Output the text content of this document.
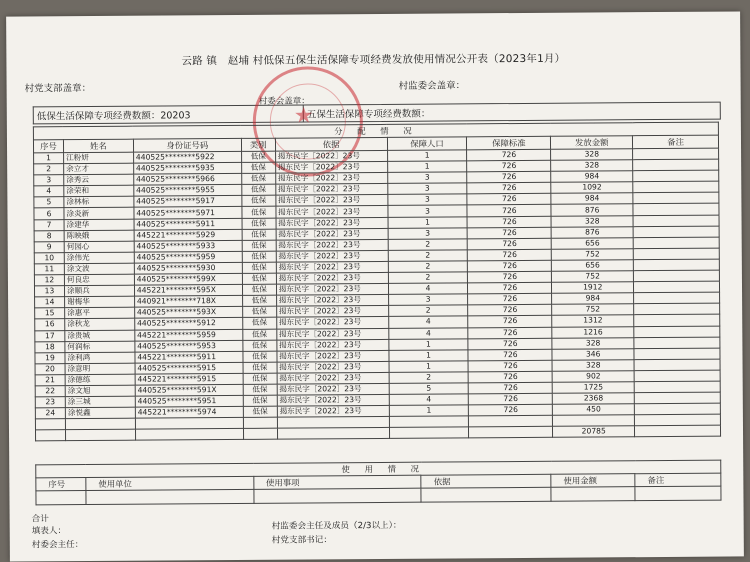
云路 镇　赵埔 村低保五保生活保障专项经费发放使用情况公开表（2023年1月）
村党支部盖章：	村监委会盖章：
村委会盖章：
低保生活保障专项经费数额：20203	五保生活保障专项经费数额：
★
分 配 情 况								
序号	姓名	身份证号码	类别	依据	保障人口	保障标准	发放金额	备注
1	江粉妍	440525********5922	低保	揭东民字［2022］23号	1	726	328	
2	余立才	440525********5935	低保	揭东民字［2022］23号	1	726	328	
3	涂秀云	440525********5966	低保	揭东民字［2022］23号	3	726	984	
4	涂荣和	440525********5955	低保	揭东民字［2022］23号	3	726	1092	
5	涂林标	440525********5917	低保	揭东民字［2022］23号	3	726	984	
6	涂炎新	440525********5971	低保	揭东民字［2022］23号	3	726	876	
7	涂建华	440525********5911	低保	揭东民字［2022］23号	1	726	328	
8	陈映娥	445221********5929	低保	揭东民字［2022］23号	3	726	876	
9	何园心	440525********5933	低保	揭东民字［2022］23号	2	726	656	
10	涂伟光	440525********5959	低保	揭东民字［2022］23号	2	726	752	
11	涂文波	440525********5930	低保	揭东民字［2022］23号	2	726	656	
12	何良忠	440525********599X	低保	揭东民字［2022］23号	2	726	752	
13	涂顺兵	445221********595X	低保	揭东民字［2022］23号	4	726	1912	
14	谢梅华	440921********718X	低保	揭东民字［2022］23号	3	726	984	
15	涂惠平	440525********593X	低保	揭东民字［2022］23号	2	726	752	
16	涂秋龙	440525********5912	低保	揭东民字［2022］23号	4	726	1312	
17	涂贵城	445221********5959	低保	揭东民字［2022］23号	4	726	1216	
18	何润标	440525********5953	低保	揭东民字［2022］23号	1	726	328	
19	涂利鸿	445221********5911	低保	揭东民字［2022］23号	1	726	346	
20	涂意明	440525********5915	低保	揭东民字［2022］23号	1	726	328	
21	涂德练	445221********5915	低保	揭东民字［2022］23号	2	726	902	
22	涂文旭	440525********591X	低保	揭东民字［2022］23号	5	726	1725	
23	涂三城	440525********5951	低保	揭东民字［2022］23号	4	726	2368	
24	涂悦鑫	445221********5974	低保	揭东民字［2022］23号	1	726	450	

							20785	
使 用 情 况					
序号	使用单位	使用事项	依据	使用金额	备注

合计
填表人：
村委会主任：
村监委会主任及成员（2/3以上）：
村党支部书记：
